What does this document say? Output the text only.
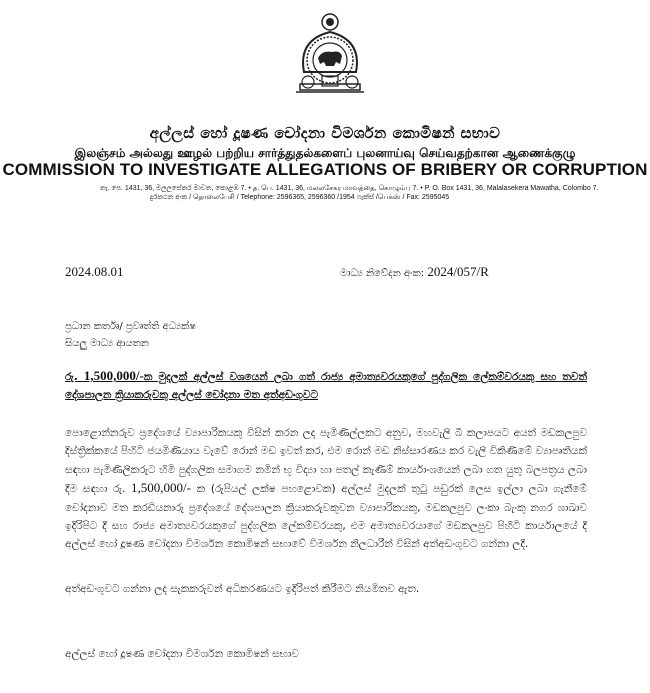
අල්ලස් හෝ දූෂණ චෝදනා විමර්ශන කොමිෂන් සභාව
இலஞ்சம் அல்லது ஊழல் பற்றிய சார்த்துதல்களைப் புலனாய்வு செய்வதற்கான ஆணைக்குழு
COMMISSION TO INVESTIGATE ALLEGATIONS OF BRIBERY OR CORRUPTION
තැ. පෙ. 1431, 36, මලලසේකර මාවත, කොළඹ 7. • த. பெ. 1431, 36, மலலசேகர மாவத்தை, கொழும்பு 7. • P. O. Box 1431, 36, Malalasekera Mawatha, Colombo 7.
දුරකථන අංක / தொலைபேசி / Telephone: 2596365, 2596360 /1954 ෆැක්ස් /பெக்ஸ் / Fax: 2595045
2024.08.01	මාධ්‍ය නිවේදන අංක: 2024/057/R
ප්‍රධාන කර්තෘ/ ප්‍රවෘත්ති අධ්‍යක්ෂ
සියලු මාධ්‍ය ආයතන
රු. 1,500,000/-ක මුදලක් අල්ලස් වශයෙන් ලබා ගත් රාජ්‍ය අමාත්‍යවරයකුගේ පුද්ගලික ලේකම්වරයකු සහ තවත් දේශපාලන ක්‍රියාකරුවකු අල්ලස් චෝදනා මත අත්අඩංගුවට
පොළොන්නරුව ප්‍රදේශයේ ව්‍යාපාරිකයකු විසින් කරන ලද පැමිණිල්ලකට අනුව, මහවැලි බී කලාපයට අයත් මඩකලපුව දිස්ත්‍රික්කයේ පිහිටි ජයමිණියාය වැවේ රොන් මඩ ඉවත් කර, එම රොන් මඩ නිස්සාරණය කර වැලි විකිණීමේ ව්‍යාපෘතියක් සඳහා පැමිණිලිකරුට හිමි පුද්ගලික සමාගම නමින් භූ විද්‍යා හා පතල් කැණීම් කාර්යාංශයෙන් ලබා ගත යුතු බලපත්‍රය ලබා දීම සඳහා රු. 1,500,000/- ක (රුපියල් ලක්ෂ පහළොවක) අල්ලස් මුදලක් තුටු පඩුරක් ලෙස ඉල්ලා ලබා ගැනීමේ චෝදනාව මත කරඩියනාරු ප්‍රදේශයේ දේශපාලන ක්‍රියාකරුවකුවන ව්‍යාපාරිකයකු, මඩකලපුව ලංකා බැංකු නගර ශාඛාව ඉදිරිපිට දී සහ රාජ්‍ය අමාත්‍යවරයකුගේ පුද්ගලික ලේකම්වරයකු, එම අමාත්‍යවරයාගේ මඩකලපුව පිහිටි කාර්යාලයේ දී අල්ලස් හෝ දූෂණ චෝදනා විමර්ශන කොමිෂන් සභාවේ විමර්ශන නිලධාරීන් විසින් අත්අඩංගුවට ගන්නා ලදී.
අත්අඩංගුවට ගන්නා ලද සැකකරුවන් අධිකරණයට ඉදිරිපත් කිරීමට නියමිතව ඇත.
අල්ලස් හෝ දූෂණ චෝදනා විමර්ශන කොමිෂන් සභාව
